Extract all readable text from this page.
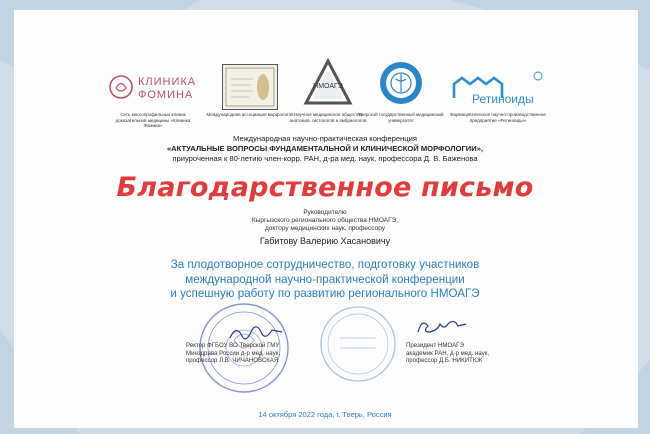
КЛИНИКА
ФОМИНА
Сеть многопрофильных клиник доказательной медицины «Клиника Фомина»
Международная ассоциация морфологов
НМОАГЭ
Научное медицинское общество анатомов, гистологов и эмбриологов
Тверской государственный медицинский университет
Ретиноиды
Фармацевтическое научно-производственное предприятие «Ретиноиды»
Международная научно-практическая конференция
«АКТУАЛЬНЫЕ ВОПРОСЫ ФУНДАМЕНТАЛЬНОЙ И КЛИНИЧЕСКОЙ МОРФОЛОГИИ»,
приуроченная к 80-летию член-корр. РАН, д-ра мед. наук, профессора Д. В. Баженова
Благодарственное письмо
Руководителю
Кыргызского регионального общества НМОАГЭ,
доктору медицинских наук, профессору
Габитову Валерию Хасановичу
За плодотворное сотрудничество, подготовку участников
международной научно-практической конференции
и успешную работу по развитию регионального НМОАГЭ
Ректор ФГБОУ ВО Тверской ГМУ
Минздрава России д-р мед. наук,
профессор Л.В. ЧИЧАНОВСКАЯ
Президент НМОАГЭ
академик РАН, д-р мед. наук,
профессор Д.Б. НИКИТЮК
14 октября 2022 года, г. Тверь, Россия
